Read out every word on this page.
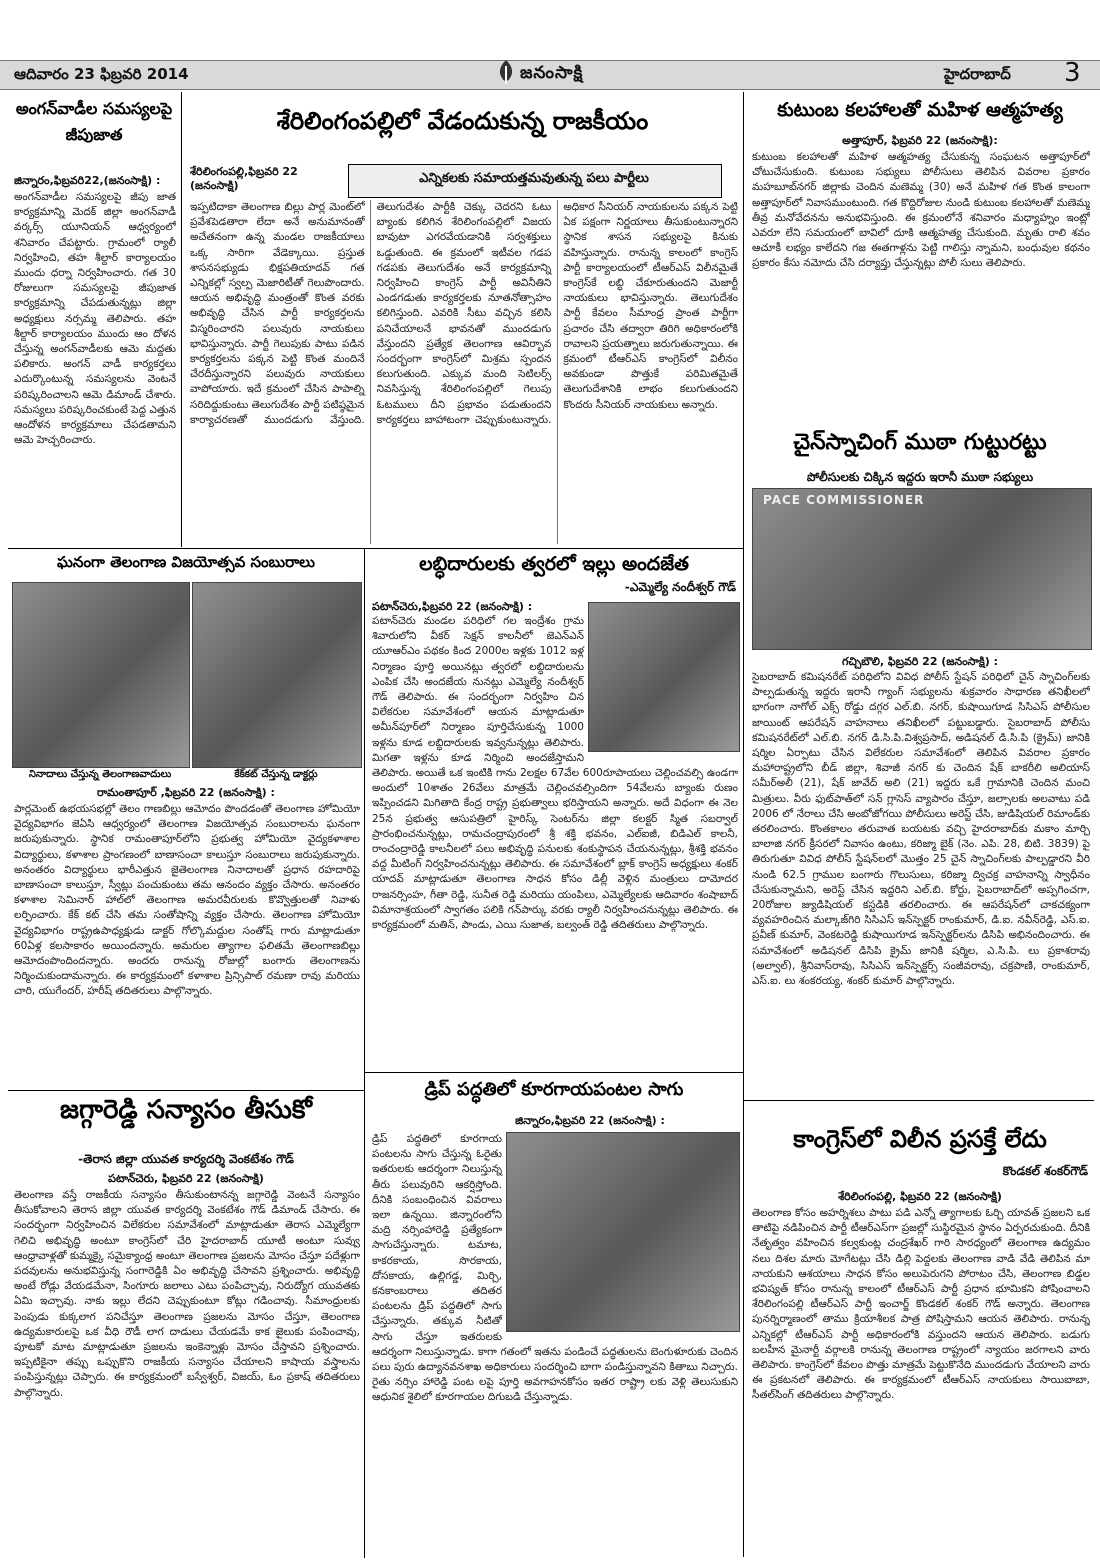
ఆదివారం 23 ఫిబ్రవరి 2014	జనంసాక్షి	హైదరాబాద్ 3
అంగన్‌వాడీల సమస్యలపై జీపుజాత
జిన్నారం,ఫిబ్రవరి22,(జనంసాక్షి) :
అంగన్‌వాడీల సమస్యలపై జీపు జాత కార్యక్రమాన్ని మెదక్ జిల్లా అంగన్‌వాడీ వర్కర్స్ యూనియన్ ఆధ్వర్యంలో శనివారం చేపట్టారు. గ్రామంలో ర్యాలీ నిర్వహించి, తహ శీల్దార్ కార్యాలయం ముందు ధర్నా నిర్వహించారు. గత 30 రోజులుగా సమస్యలపై జీపుజాత కార్యక్రమాన్ని చేపడుతున్నట్లు జిల్లా అధ్యక్షులు నర్సమ్మ తెలిపారు. తహ శీల్దార్ కార్యాలయం ముందు ఆం దోళన చేస్తున్న అంగన్‌వాడీలకు ఆమె మద్దతు పలికారు. అంగన్ వాడీ కార్యకర్తలు ఎదుర్కొంటున్న సమస్యలను వెంటనే పరిష్కరించాలని ఆమె డిమాండ్ చేశారు. సమస్యలు పరిష్కరించకుంటే పెద్ద ఎత్తున ఆందోళన కార్యక్రమాలు చేపడతామని ఆమె హెచ్చరించారు.
శేరిలింగంపల్లిలో వేడందుకున్న రాజకీయం
ఎన్నికలకు సమాయత్తమవుతున్న పలు పార్టీలు
శేరిలింగంపల్లి,ఫిబ్రవరి 22 (జనంసాక్షి)
ఇప్పటిదాకా తెలంగాణ బిల్లు పార్ల మెంట్‌లో ప్రవేశపెడతారా లేదా అనే అనుమానంతో అచేతనంగా ఉన్న మండల రాజకీయాలు ఒక్క సారిగా వేడెక్కాయి. ప్రస్తుత శాసనసభ్యుడు భిక్షపతియాదవ్ గత ఎన్నికల్లో స్వల్ప మెజారిటీతో గెలుపొందారు. ఆయన అభివృద్ధి మంత్రంతో కొంత వరకు అభివృద్ధి చేసిన పార్టీ కార్యకర్తలను విస్మరించారని పలువురు నాయకులు భావిస్తున్నారు. పార్టీ గెలుపుకు పాటు పడిన కార్యకర్తలను పక్కన పెట్టి కొంత మందినే చేరదీస్తున్నారని పలువురు నాయకులు వాపోయారు. ఇదే క్రమంలో చేసిన పాపాల్ని సరిదిద్దుకుంటు తెలుగుదేశం పార్టీ పటిష్ఠమైన కార్యాచరణతో ముందడుగు వేస్తుంది. తెలుగుదేశం పార్టీకి చెక్కు చెదరని ఓటు బ్యాంకు కలిగిన శేరిలింగంపల్లిలో విజయ బావుటా ఎగరవేయడానికి సర్వశక్తులు ఒడ్డుతుంది. ఈ క్రమంలో ఇటీవల గడప గడపకు తెలుగుదేశం అనే కార్యక్రమాన్ని నిర్వహించి కాంగ్రెస్ పార్టీ అవినీతిని ఎండగడుతు కార్యకర్తలకు నూతనోత్సాహం కలిగిస్తుంది. ఎవరికి సీటు వచ్చిన కలిసి పనిచేయాలనే భావనతో ముందడుగు వేస్తుందని ప్రత్యేక తెలంగాణ ఆవిర్భావ సందర్భంగా కాంగ్రెస్‌లో మిశ్రమ స్పందన కలుగుతుంది. ఎక్కువ మంది సెటిలర్స్ నివసిస్తున్న శేరిలింగంపల్లిలో గెలుపు ఓటములు దీని ప్రభావం పడుతుందని కార్యకర్తలు బాహాటంగా చెప్పుకుంటున్నారు. అధికార సీనియర్ నాయకులను పక్కన పెట్టి ఏక పక్షంగా నిర్ణయాలు తీసుకుంటున్నారని స్థానిక శాసన సభ్యులపై కినుకు వహిస్తున్నారు. రానున్న కాలంలో కాంగ్రెస్ పార్టీ కార్యాలయంలో టీఆర్‌ఎస్ విలీనమైతే కాంగ్రెస్‌కే లబ్ధి చేకూరుతుందని మెజార్టీ నాయకులు భావిస్తున్నారు. తెలుగుదేశం పార్టీ కేవలం సీమాంధ్ర ప్రాంత పార్టీగా ప్రచారం చేసి తద్వారా తిరిగి అధికారంలోకి రావాలని ప్రయత్నాలు జరుగుతున్నాయి. ఈ క్రమంలో టీఆర్‌ఎస్ కాంగ్రెస్‌లో విలీనం అవకుండా పొత్తుకే పరిమితమైతే తెలుగుదేశానికి లాభం కలుగుతుందని కొందరు సీనియర్ నాయకులు అన్నారు.
కుటుంబ కలహాలతో మహిళ ఆత్మహత్య
అత్తాపూర్, ఫిబ్రవరి 22 (జనంసాక్షి):
కుటుంబ కలహాలతో మహిళ ఆత్మహత్య చేసుకున్న సంఘటన అత్తాపూర్‌లో చోటుచేసుకుంది. కుటుంబ సభ్యులు పోలీసులు తెలిపిన వివరాల ప్రకారం మహబూబ్‌నగర్ జిల్లాకు చెందిన మణెమ్మ (30) అనే మహిళ గత కొంత కాలంగా అత్తాపూర్‌లో నివాసముంటుంది. గత కొద్దిరోజుల నుండి కుటుంబ కలహాలతో మణెమ్మ తీవ్ర మనోవేదనను అనుభవిస్తుంది. ఈ క్రమంలోనే శనివారం మధ్యాహ్నం ఇంట్లో ఎవరూ లేని సమయంలో బావిలో దూకి ఆత్మహత్య చేసుకుంది. మృతు రాలి శవం ఆచూకీ లభ్యం కాలేదని గజ ఈతగాళ్లను పెట్టి గాలిస్తు న్నామని, బంధువుల కథనం ప్రకారం కేసు నమోదు చేసి దర్యాప్తు చేస్తున్నట్లు పోలీ సులు తెలిపారు.
చైన్‌స్నాచింగ్ ముఠా గుట్టురట్టు
పోలీసులకు చిక్కిన ఇద్దరు ఇరానీ ముఠా సభ్యులు
PACE COMMISSIONER
గచ్చిబౌలి, ఫిబ్రవరి 22 (జనంసాక్షి) :
సైబరాబాద్ కమిషనరేట్ పరిధిలోని వివిధ పోలీస్ స్టేషన్ పరిధిలో చైన్ స్నాచింగ్‌లకు పాల్పడుతున్న ఇద్దరు ఇరానీ గ్యాంగ్ సభ్యులను శుక్రవారం సాధారణ తనిఖీలలో భాగంగా నాగోల్ ఎక్స్ రోడ్డు దగ్గర ఎల్.బి. నగర్, కుషాయిగూడ సిసిఎస్ పోలీసుల జాయింట్ ఆపరేషన్ వాహనాలు తనిఖీలలో పట్టుబడ్డారు. సైబరాబాద్ పోలీసు కమిషనరేట్‌లో ఎల్.బి. నగర్ డి.సి.పి.విశ్వప్రసాద్, అడిషనల్ డి.సి.పి (క్రైమ్) జానికి షర్మిల ఏర్పాటు చేసిన విలేకరుల సమావేశంలో తెలిపిన వివరాల ప్రకారం మహారాష్ట్రలోని బీడ్ జిల్లా, శివాజీ నగర్ కు చెందిన షేక్ బాకరీలి అలియాస్ సమీర్‌అలీ (21), షేక్ జావేద్ అలి (21) ఇద్దరు ఒకే గ్రామానికి చెందిన మంచి మిత్రులు. వీరు ఫుట్‌పాత్‌లో సన్ గ్లాసెస్ వ్యాపారం చేస్తూ, జల్సాలకు అలవాటు పడి 2006 లో నేరాలు చేసి అంబోజోగయి పోలీసులు అరెస్ట్ చేసి, జుడిషియల్ రిమాండ్‌కు తరలించారు. కొంతకాలం తరువాత బయటకు వచ్చి హైదరాబాద్‌కు మకాం మార్చి బాలాజి నగర్ క్రీసరలో నివాసం ఉంటు, కరిజ్మా బైక్ (నెం. ఎపి. 28, బిటి. 3839) పై తిరుగుతూ వివిధ పోలీస్ స్టేషన్‌లలో మొత్తం 25 చైన్ స్నాచింగ్‌లకు పాల్పడ్డారని వీరి నుండి 62.5 గ్రాముల బంగారు గొలుసులు, కరిజ్మా ద్విచక్ర వాహనాన్ని స్వాధీనం చేసుకున్నామని, అరెస్ట్ చేసిన ఇద్దరిని ఎల్.బి. కోర్టు, సైబరాబాద్‌లో అప్పగించగా, 20రోజుల జ్యుడిషియల్ కస్టడికి తరలించారు. ఈ ఆపరేషన్‌లో చాకచక్యంగా వ్యవహరించిన మల్కాజ్‌గిరి సిసిఎస్ ఇన్‌స్పెక్టర్ రాంకుమార్, డి.ఐ. నవీన్‌రెడ్డి, ఎస్.ఐ. ప్రవీణ్ కుమార్, వెంకటరెడ్డి కుషాయిగూడ ఇన్‌స్పెక్టర్‌లను డిసిపి అభినందించారు. ఈ సమావేశంలో అడిషనల్ డిసిపి క్రైమ్ జానికి షర్మిల, ఎ.సి.పి. లు ప్రకాశరావు (అల్వాల్), శ్రీనివాస్‌రావు, సిసిఎస్ ఇన్‌స్పెక్టర్స్ సంజీవరావు, చక్రపాణి, రాంకుమార్, ఎస్.ఐ. లు శంకరయ్య, శంకర్ కుమార్ పాల్గొన్నారు.
ఘనంగా తెలంగాణ విజయోత్సవ సంబురాలు
నినాదాలు చేస్తున్న తెలంగాణవాదులు	కేక్‌కట్ చేస్తున్న డాక్టర్లు
రామంతాపూర్ ,ఫిబ్రవరి 22 (జనంసాక్షి) :
పార్లమెంట్ ఉభయసభల్లో తెలం గాణబిల్లు ఆమోదం పొందడంతో తెలంగాణ హోమియో వైద్యవిభాగం జెఏసి ఆధ్వర్యంలో తెలంగాణ విజయోత్సవ సంబురాలను ఘనంగా జరుపుకున్నారు. స్థానిక రామంతాపూర్‌లోని ప్రభుత్వ హోమియో వైద్యకళాశాల విద్యార్థులు, కళాశాల ప్రాంగణంలో బాణాసంచా కాలుస్తూ సంబురాలు జరుపుకున్నారు. అనంతరం విద్యార్థులు భారీఎత్తున జైతెలంగాణ నినాదాలతో ప్రధాన రహదారిపై బాణాసంచా కాలుస్తూ, స్వీట్లు పంచుకుంటు తమ ఆనందం వ్యక్తం చేసారు. అనంతరం కళాశాల సెమినార్ హాల్‌లో తెలంగాణ అమరవీరులకు కొవ్వొత్తులతో నివాళు లర్పించారు. కేక్ కట్ చేసి తమ సంతోషాన్ని వ్యక్తం చేసారు. తెలంగాణ హోమియో వైద్యవిభాగం రాష్ట్రఉపాధ్యక్షుడు డాక్టర్ గోల్కొమద్దుల సంతోష్ గారు మాట్లాడుతూ 60ఏళ్ల కలసాకారం అయిందన్నారు. అమరుల త్యాగాల ఫలితమే తెలంగాణబిల్లు ఆమోదంపొందిందన్నారు. అందరు రానున్న రోజుల్లో బంగారు తెలంగాణను నిర్మించుకుందామన్నారు. ఈ కార్యక్రమంలో కళాశాల ప్రిన్సిపాల్ రమణా రావు మరియు చారి, యుగేందర్, హరీష్ తదితరులు పాల్గొన్నారు.
లబ్ధిదారులకు త్వరలో ఇల్లు అందజేత
-ఎమ్మెల్యే నందీశ్వర్ గౌడ్
పటాన్‌చెరు,ఫిబ్రవరి 22 (జనంసాక్షి) :
పటాన్‌చెరు మండల పరిధిలో గల ఇంద్రేశం గ్రామ శివారులోని వీకర్ సెక్షన్ కాలనీలో జెఎన్‌ఎన్ యూఆర్‌ఎం పథకం కింద 2000ల ఇళ్లకు 1012 ఇళ్ల నిర్మాణం పూర్తి అయినట్లు త్వరలో లబ్ధిదారులను ఎంపిక చేసి అందజేయ నునట్లు ఎమ్మెల్యే నందీశ్వర్ గౌడ్ తెలిపారు. ఈ సందర్భంగా నిర్వహిం చిన విలేకరుల సమావేశంలో ఆయన మాట్లాడుతూ అమీన్‌పూర్‌లో నిర్మాణం పూర్తిచేసుకున్న 1000 ఇళ్లను కూడ లబ్ధిదారులకు ఇవ్వనున్నట్లు తెలిపారు. మిగతా ఇళ్లను కూడ నిర్మించి అందజేస్తామని తెలిపారు. అయితే ఒక ఇంటికి గాను 2లక్షల 67వేల 600రూపాయలు చెల్లించవల్సి ఉండగా అందులో 10శాతం 26వేలు మాత్రమే చెల్లించవల్సిందిగా 54వేలను బ్యాంకు రుణం ఇప్పించడని మిగితాది కేంద్ర రాష్ట్ర ప్రభుత్వాలు భరిస్తాయని అన్నారు. అదే విధంగా ఈ నెల 25న ప్రభుత్వ ఆసుపత్రిలో హైరిస్క్ సెంటర్‌ను జిల్లా కలక్టర్ స్మిత సబర్వాల్ ప్రారంభించనున్నట్లు, రామచంద్రాపురంలో శ్రీ శక్తి భవనం, ఎల్ఐజీ, బిడిఎల్ కాలనీ, రాంచంద్రారెడ్డి కాలనీలలో పలు అభివృద్ధి పనులకు శంకుస్థాపన చేయనున్నట్లు, శ్రీశక్తి భవనం వద్ద మీటింగ్ నిర్వహించనున్నట్లు తెలిపారు. ఈ సమావేశంలో బ్లాక్ కాంగ్రెస్ అధ్యక్షులు శంకర్ యాదవ్ మాట్లాడుతూ తెలంగాణ సాధన కోసం డిల్లీ వెళ్లిన మంత్రులు దామోదర రాజనర్సింహ, గీతా రెడ్డి, సునీత రెడ్డి మరియు యంపిలు, ఎమ్మెల్యేలకు ఆదివారం శంషాబాద్ విమానాశ్రయంలో స్వాగతం పలికి గన్‌పార్కు వరకు ర్యాలీ నిర్వహించనున్నట్లు తెలిపారు. ఈ కార్యక్రమంలో మతిన్, పాండు, ఎయి సుజాత, బల్వంత్ రెడ్డి తదితరులు పాల్గొన్నారు.
జగ్గారెడ్డి సన్యాసం తీసుకో
-తెరాస జిల్లా యువత కార్యదర్శి వెంకటేశం గౌడ్
పటాన్‌చెరు, ఫిబ్రవరి 22 (జనంసాక్షి)
తెలంగాణ వస్తే రాజకీయ సన్యాసం తీసుకుంటానన్న జగ్గారెడ్డి వెంటనే సన్యాసం తీసుకోవాలని తెరాస జిల్లా యువత కార్యదర్శి వెంకటేశం గౌడ్ డిమాండ్ చేసారు. ఈ సందర్భంగా నిర్వహించిన విలేకరుల సమావేశంలో మాట్లాడుతూ తెరాస ఎమ్మెల్యేగా గెలిచి అభివృద్ధి అంటూ కాంగ్రెస్‌లో చేరి హైదరాబాద్ యూటీ అంటూ సువ్వు ఆంధ్రావాళ్లతో కుమ్మక్కై సమైక్యాంధ్ర అంటూ తెలంగాణ ప్రజలను మోసం చేస్తూ పదేళ్లుగా పదవులను అనుభవిస్తున్న సంగారెడ్డికి ఏం అభివృద్ధి చేసావని ప్రశ్నించారు. అభివృద్ధి అంటే రోడ్లు వేయడమేనా, సింగూరు జలాలు ఎటు పంపిచ్చావు, నిరుద్యోగ యువతకు ఏమి ఇచ్చావు. నాకు ఇల్లు లేదని చెప్పుకుంటూ కోట్లు గడించావు. సీమాంధ్రులకు పెంపుడు కుక్కలాగ పనిచేస్తూ తెలంగాణ ప్రజలను మోసం చేస్తూ, తెలంగాణ ఉద్యమకారులపై ఒక వీధి రౌడీ లాగ దాడులు చేయడమే కాక జైలుకు పంపించావు, పూటకో మాట మాట్లాడుతూ ప్రజలను ఇంకెన్నాళ్లు మోసం చేస్తావని ప్రశ్నించారు. ఇప్పటికైనా తప్పు ఒప్పుకొని రాజకీయ సన్యాసం చేయాలని కాషాయ వస్త్రాలను పంపిస్తున్నట్లు చెప్పారు. ఈ కార్యక్రమంలో బస్వేశ్వర్, విజయ్, ఓం ప్రకాష్ తదితరులు పాల్గొన్నారు.
డ్రిప్ పద్ధతిలో కూరగాయపంటల సాగు
జిన్నారం,ఫిబ్రవరి 22 (జనంసాక్షి) :
డ్రిప్ పద్ధతిలో కూరగాయ పంటలను సాగు చేస్తున్న ఓరైతు ఇతరులకు ఆదర్శంగా నిలుస్తున్న తీరు పలువురిని ఆకర్షిస్తోంది. దీనికి సంబంధించిన వివరాలు ఇలా ఉన్నయి. జిన్నారంలోని మద్రి నర్సింహారెడ్డి ప్రత్యేకంగా సాగుచేస్తున్నారు. టమాట, కాకరకాయ, సొరకాయ, దోసకాయ, ఉల్లిగడ్డ, మిర్చి, కనకాంబరాలు తదితర పంటలను డ్రిప్ పద్ధతిలో సాగు చేస్తున్నారు. తక్కువ నీటితో సాగు చేస్తూ ఇతరులకు ఆదర్శంగా నిలుస్తున్నాడు. కాగా గతంలో ఇతను పండించే పద్ధతులను బెంగుళూరుకు చెందిన పలు పురు ఉద్యానవనశాఖ అధికారులు సందర్శించి బాగా పండిస్తున్నావని కితాబు నిచ్చారు. రైతు నర్సిం హారెడ్డి పంట లపై పూర్తి అవగాహనకోసం ఇతర రాష్ట్రా లకు వెళ్లి తెలుసుకుని ఆధునిక శైలిలో కూరగాయల దిగుబడి చేస్తున్నాడు.
కాంగ్రెస్‌లో విలీన ప్రసక్తే లేదు
కొండకల్ శంకర్‌గౌడ్
శేరిలింగంపల్లి, ఫిబ్రవరి 22 (జనంసాక్షి)
తెలంగాణ కోసం అహర్నిశలు పాటు పడి ఎన్నో త్యాగాలకు ఓర్చి యావత్ ప్రజలని ఒక తాటిపై నడిపించిన పార్టీ టీఆర్‌ఎస్‌గా ప్రజల్లో సుస్థిరమైన స్థానం ఏర్పరచుకుంది. దీనికి నేతృత్వం వహించిన కల్వకుంట్ల చంద్రశేఖర్ గారి సారధ్యంలో తెలంగాణ ఉద్యమం నలు దిశల మారు మోగేటట్లు చేసి డిల్లి పెద్దలకు తెలంగాణ వాడి వేడి తెలిపిన మా నాయకుని ఆశయాలు సాధన కోసం అలుపెరుగని పోరాటం చేసి, తెలంగాణ బిడ్డల భవిష్యత్ కోసం రానున్న కాలంలో టీఆర్‌ఎస్ పార్టీ ప్రధాన భూమికని పోషించాలని శేరిలింగంపల్లి టీఆర్‌ఎస్ పార్టీ ఇంచార్జ్ కొండకల్ శంకర్ గౌడ్ అన్నారు. తెలంగాణ పునర్నిర్మాణంలో తాము క్రియాశీలక పాత్ర పోషిస్తామని ఆయన తెలిపారు. రానున్న ఎన్నికల్లో టీఆర్‌ఎస్ పార్టీ అధికారంలోకి వస్తుందని ఆయన తెలిపారు. బడుగు బలహీన మైనార్టీ వర్గాలకి రానున్న తెలంగాణ రాష్ట్రంలో న్యాయం జరగాలని వారు తెలిపారు. కాంగ్రెస్‌లో కేవలం పొత్తు మాత్రమే పెట్టుకొనేది ముందడుగు వేయాలని వారు ఈ ప్రకటనలో తెలిపారు. ఈ కార్యక్రమంలో టీఆర్‌ఎస్ నాయకులు సాయిబాబా, సీతల్‌సింగ్ తదితరులు పాల్గొన్నారు.
